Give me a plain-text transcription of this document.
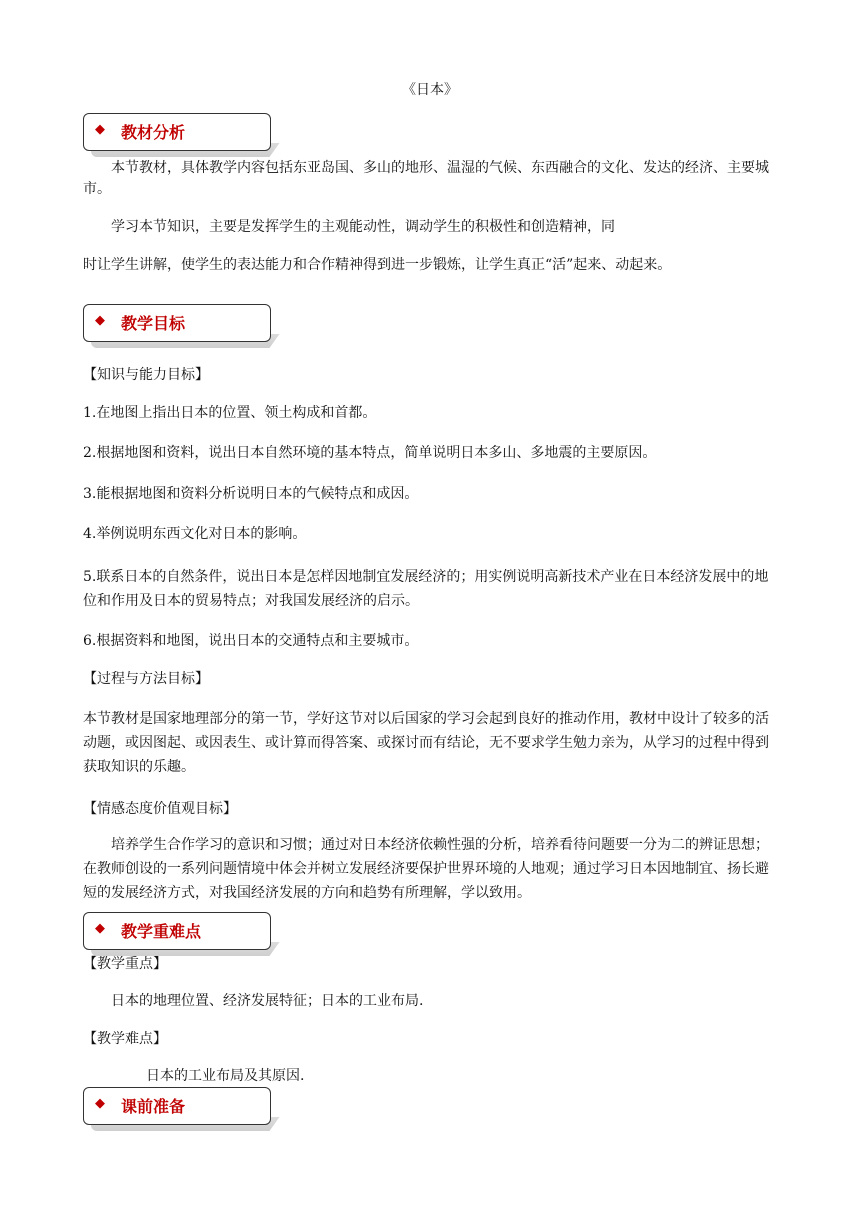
《日本》
◆ 教材分析

本节教材，具体教学内容包括东亚岛国、多山的地形、温湿的气候、东西融合的文化、发达的经济、主要城市。

学习本节知识，主要是发挥学生的主观能动性，调动学生的积极性和创造精神，同

时让学生讲解，使学生的表达能力和合作精神得到进一步锻炼，让学生真正“活”起来、动起来。

◆ 教学目标

【知识与能力目标】

1.在地图上指出日本的位置、领土构成和首都。

2.根据地图和资料，说出日本自然环境的基本特点，简单说明日本多山、多地震的主要原因。

3.能根据地图和资料分析说明日本的气候特点和成因。

4.举例说明东西文化对日本的影响。

5.联系日本的自然条件，说出日本是怎样因地制宜发展经济的；用实例说明高新技术产业在日本经济发展中的地位和作用及日本的贸易特点；对我国发展经济的启示。

6.根据资料和地图，说出日本的交通特点和主要城市。

【过程与方法目标】

本节教材是国家地理部分的第一节，学好这节对以后国家的学习会起到良好的推动作用，教材中设计了较多的活动题，或因图起、或因表生、或计算而得答案、或探讨而有结论，无不要求学生勉力亲为，从学习的过程中得到获取知识的乐趣。

【情感态度价值观目标】

培养学生合作学习的意识和习惯；通过对日本经济依赖性强的分析，培养看待问题要一分为二的辨证思想；在教师创设的一系列问题情境中体会并树立发展经济要保护世界环境的人地观；通过学习日本因地制宜、扬长避短的发展经济方式，对我国经济发展的方向和趋势有所理解，学以致用。

◆ 教学重难点

【教学重点】

日本的地理位置、经济发展特征；日本的工业布局.

【教学难点】

日本的工业布局及其原因.

◆ 课前准备
